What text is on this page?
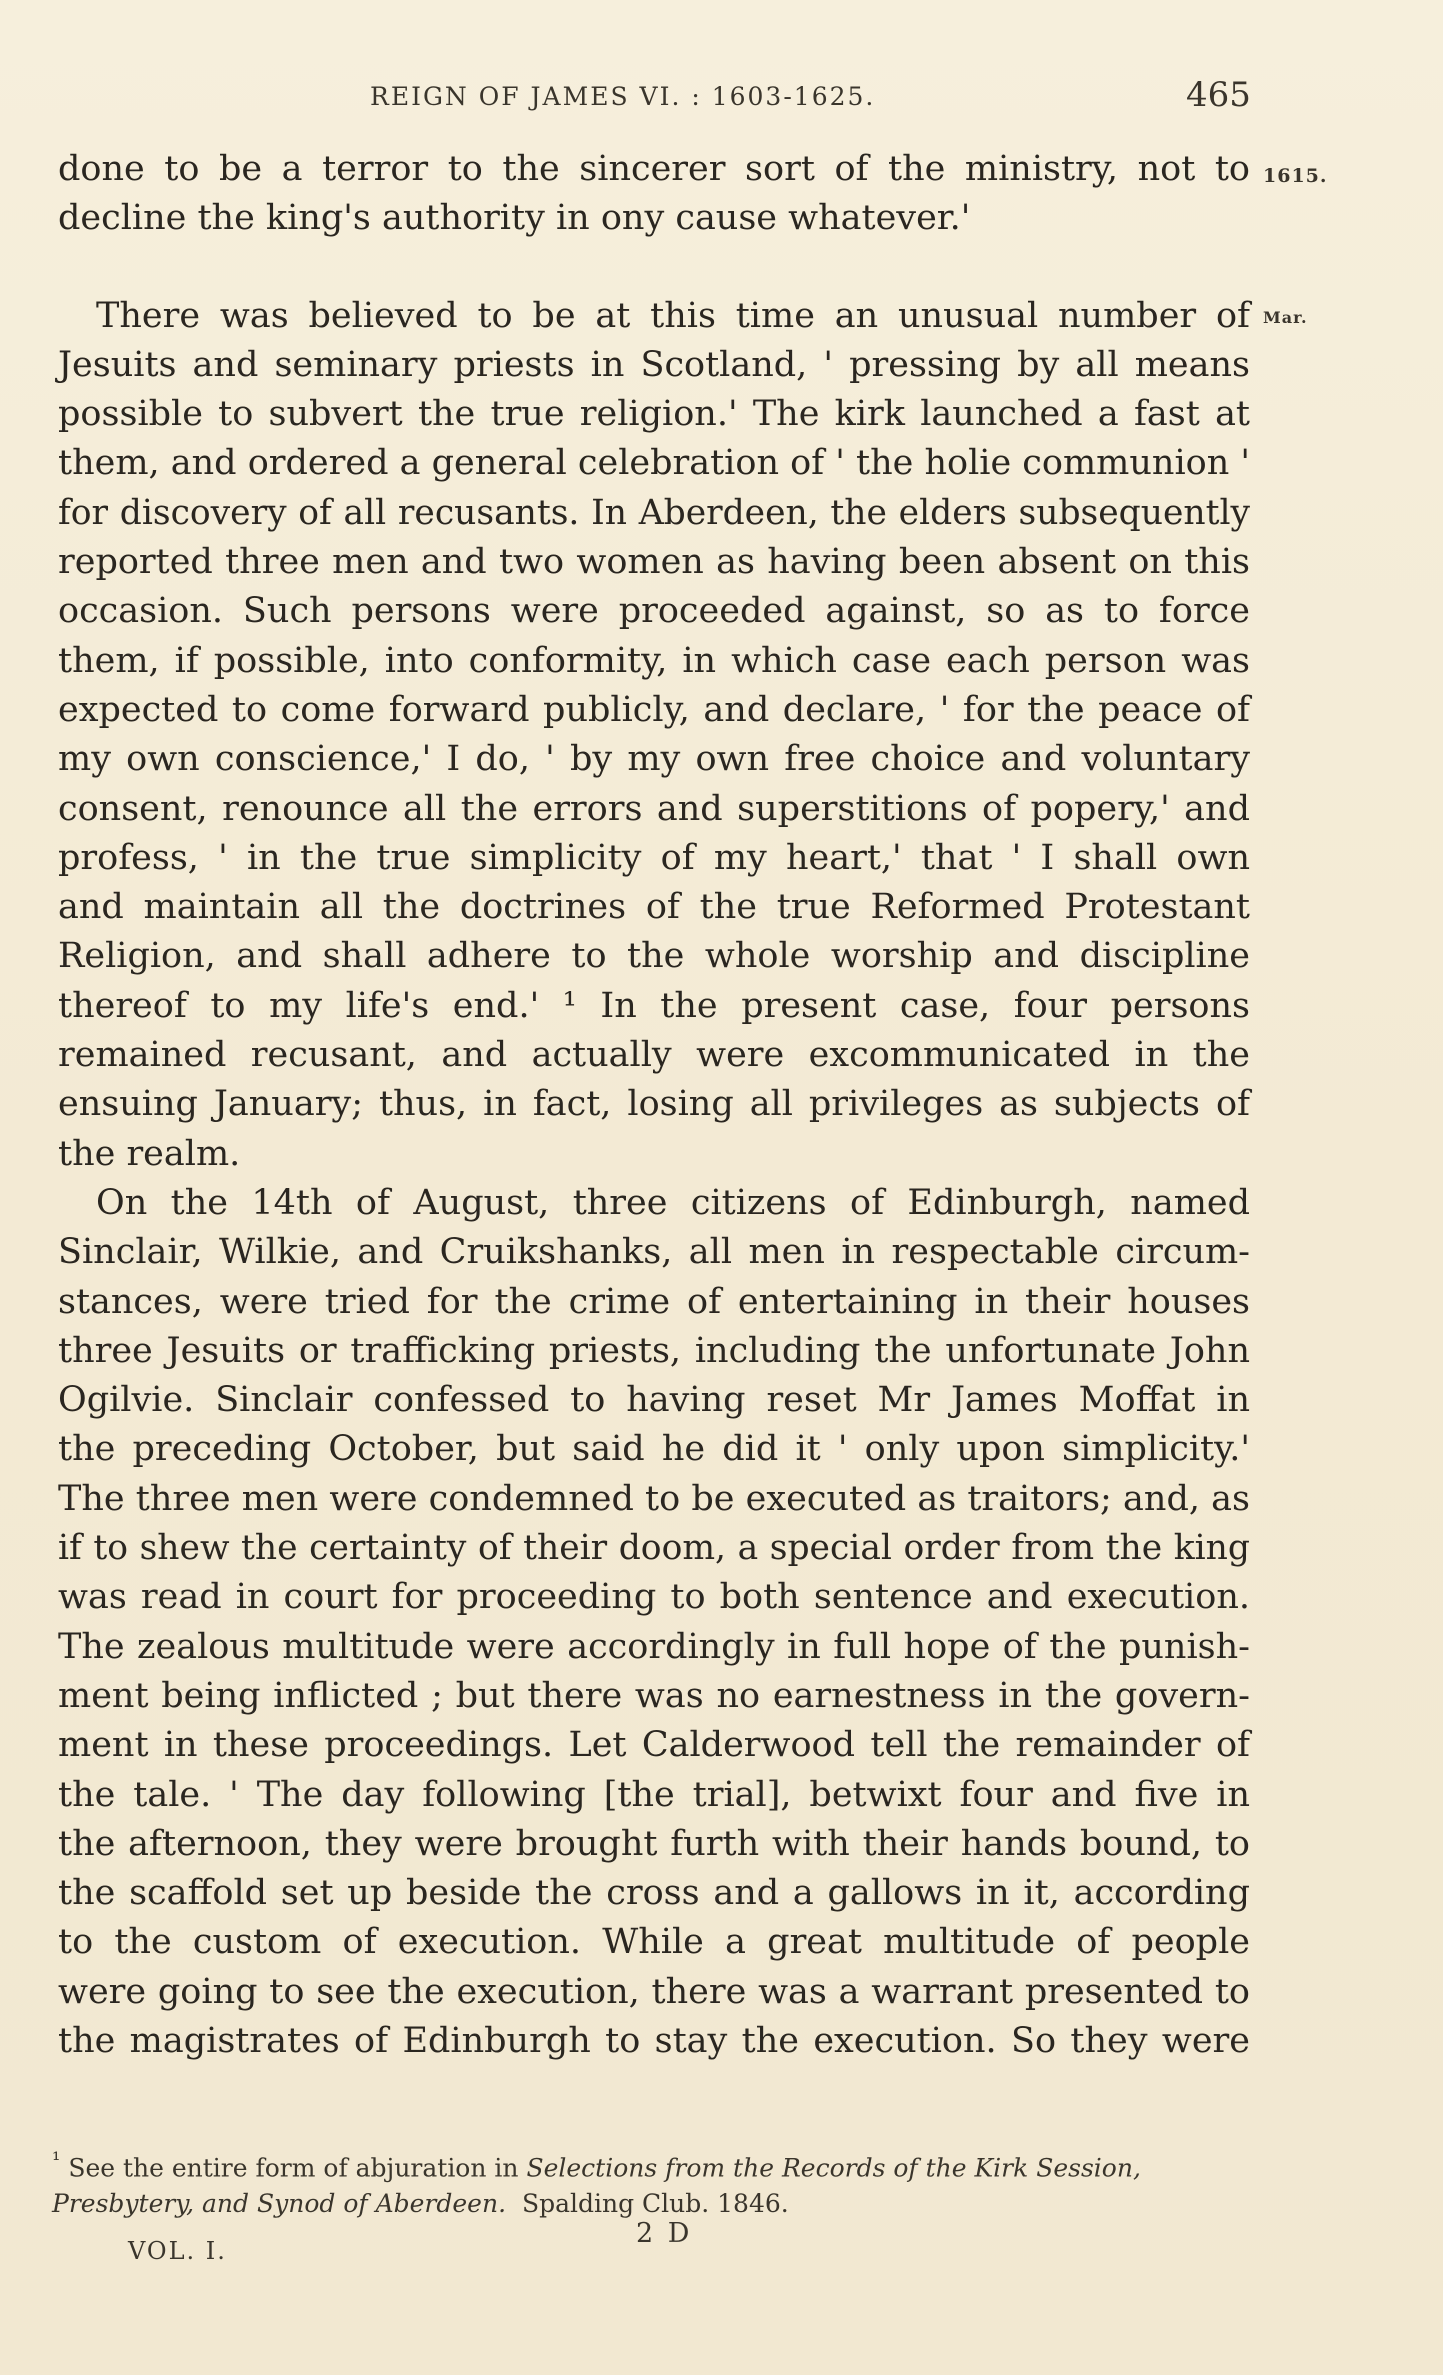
REIGN OF JAMES VI. : 1603-1625.	465
1615.
Mar.
done to be a terror to the sincerer sort of the ministry, not to
decline the king's authority in ony cause whatever.'
There was believed to be at this time an unusual number of
Jesuits and seminary priests in Scotland, ' pressing by all means
possible to subvert the true religion.' The kirk launched a fast at
them, and ordered a general celebration of ' the holie communion '
for discovery of all recusants. In Aberdeen, the elders subsequently
reported three men and two women as having been absent on this
occasion. Such persons were proceeded against, so as to force
them, if possible, into conformity, in which case each person was
expected to come forward publicly, and declare, ' for the peace of
my own conscience,' I do, ' by my own free choice and voluntary
consent, renounce all the errors and superstitions of popery,' and
profess, ' in the true simplicity of my heart,' that ' I shall own
and maintain all the doctrines of the true Reformed Protestant
Religion, and shall adhere to the whole worship and discipline
thereof to my life's end.' ¹ In the present case, four persons
remained recusant, and actually were excommunicated in the
ensuing January; thus, in fact, losing all privileges as subjects of
the realm.
On the 14th of August, three citizens of Edinburgh, named
Sinclair, Wilkie, and Cruikshanks, all men in respectable circum-
stances, were tried for the crime of entertaining in their houses
three Jesuits or trafficking priests, including the unfortunate John
Ogilvie. Sinclair confessed to having reset Mr James Moffat in
the preceding October, but said he did it ' only upon simplicity.'
The three men were condemned to be executed as traitors; and, as
if to shew the certainty of their doom, a special order from the king
was read in court for proceeding to both sentence and execution.
The zealous multitude were accordingly in full hope of the punish-
ment being inflicted ; but there was no earnestness in the govern-
ment in these proceedings. Let Calderwood tell the remainder of
the tale. ' The day following [the trial], betwixt four and five in
the afternoon, they were brought furth with their hands bound, to
the scaffold set up beside the cross and a gallows in it, according
to the custom of execution. While a great multitude of people
were going to see the execution, there was a warrant presented to
the magistrates of Edinburgh to stay the execution. So they were
$^{^1}$ See the entire form of abjuration in Selections from the Records of the Kirk Session,
Presbytery, and Synod of Aberdeen. Spalding Club. 1846.
2 D
VOL. I.
